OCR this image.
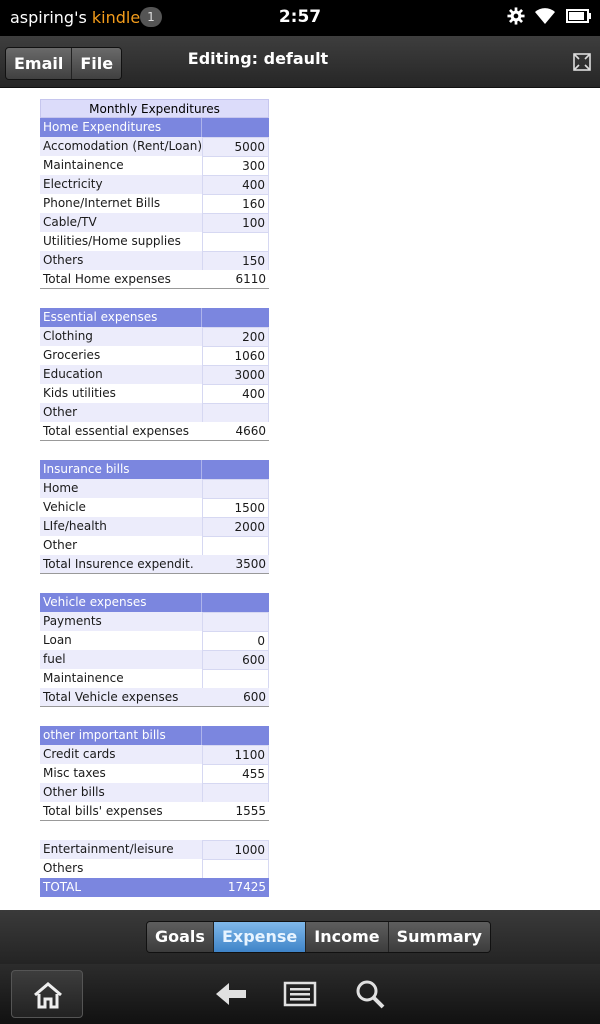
aspiring's kindle 1	2:57
Email	File	Editing: default
Monthly Expenditures
Home Expenditures
Accomodation (Rent/Loan)	5000
Maintainence	300
Electricity	400
Phone/Internet Bills	160
Cable/TV	100
Utilities/Home supplies
Others	150
Total Home expenses	6110
Essential expenses
Clothing	200
Groceries	1060
Education	3000
Kids utilities	400
Other
Total essential expenses	4660
Insurance bills
Home
Vehicle	1500
LIfe/health	2000
Other
Total Insurence expendit.	3500
Vehicle expenses
Payments
Loan	0
fuel	600
Maintainence
Total Vehicle expenses	600
other important bills
Credit cards	1100
Misc taxes	455
Other bills
Total bills' expenses	1555
Entertainment/leisure	1000
Others
TOTAL	17425
Goals	Expense	Income	Summary
